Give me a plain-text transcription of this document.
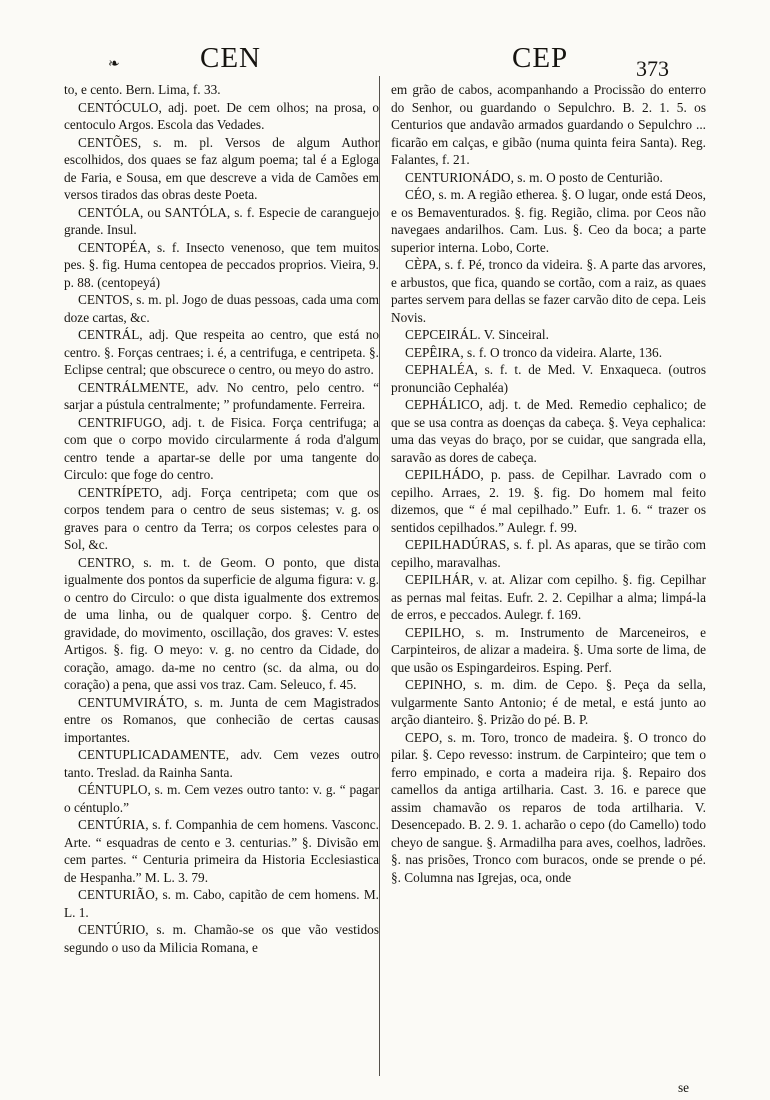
❧	CEN	CEP	373

to, e cento. Bern. Lima, f. 33.

CENTÓCULO, adj. poet. De cem olhos; na prosa, o centoculo Argos. Escola das Vedades.

CENTÕES, s. m. pl. Versos de algum Author escolhidos, dos quaes se faz algum poema; tal é a Egloga de Faria, e Sousa, em que descreve a vida de Camões em versos tirados das obras deste Poeta.

CENTÓLA, ou SANTÓLA, s. f. Especie de caranguejo grande. Insul.

CENTOPÉA, s. f. Insecto venenoso, que tem muitos pes. §. fig. Huma centopea de peccados proprios. Vieira, 9. p. 88. (centopeyá)

CENTOS, s. m. pl. Jogo de duas pessoas, cada uma com doze cartas, &c.

CENTRÁL, adj. Que respeita ao centro, que está no centro. §. Forças centraes; i. é, a centrifuga, e centripeta. §. Eclipse central; que obscurece o centro, ou meyo do astro.

CENTRÁLMENTE, adv. No centro, pelo centro. “ sarjar a pústula centralmente; ” profundamente. Ferreira.

CENTRIFUGO, adj. t. de Fisica. Força centrifuga; a com que o corpo movido circularmente á roda d'algum centro tende a apartar-se delle por uma tangente do Circulo: que foge do centro.

CENTRÍPETO, adj. Força centripeta; com que os corpos tendem para o centro de seus sistemas; v. g. os graves para o centro da Terra; os corpos celestes para o Sol, &c.

CENTRO, s. m. t. de Geom. O ponto, que dista igualmente dos pontos da superficie de alguma figura: v. g. o centro do Circulo: o que dista igualmente dos extremos de uma linha, ou de qualquer corpo. §. Centro de gravidade, do movimento, oscillação, dos graves: V. estes Artigos. §. fig. O meyo: v. g. no centro da Cidade, do coração, amago. da-me no centro (sc. da alma, ou do coração) a pena, que assi vos traz. Cam. Seleuco, f. 45.

CENTUMVIRÁTO, s. m. Junta de cem Magistrados entre os Romanos, que conhecião de certas causas importantes.

CENTUPLICADAMENTE, adv. Cem vezes outro tanto. Treslad. da Rainha Santa.

CÉNTUPLO, s. m. Cem vezes outro tanto: v. g. “ pagar o céntuplo.”

CENTÚRIA, s. f. Companhia de cem homens. Vasconc. Arte. “ esquadras de cento e 3. centurias.” §. Divisão em cem partes. “ Centuria primeira da Historia Ecclesiastica de Hespanha.” M. L. 3. 79.

CENTURIÃO, s. m. Cabo, capitão de cem homens. M. L. 1.

CENTÚRIO, s. m. Chamão-se os que vão vestidos segundo o uso da Milicia Romana, e

em grão de cabos, acompanhando a Procissão do enterro do Senhor, ou guardando o Sepulchro. B. 2. 1. 5. os Centurios que andavão armados guardando o Sepulchro ... ficarão em calças, e gibão (numa quinta feira Santa). Reg. Falantes, f. 21.

CENTURIONÁDO, s. m. O posto de Centurião.

CÉO, s. m. A região etherea. §. O lugar, onde está Deos, e os Bemaventurados. §. fig. Região, clima. por Ceos não navegaes andarilhos. Cam. Lus. §. Ceo da boca; a parte superior interna. Lobo, Corte.

CÈPA, s. f. Pé, tronco da videira. §. A parte das arvores, e arbustos, que fica, quando se cortão, com a raiz, as quaes partes servem para dellas se fazer carvão dito de cepa. Leis Novis.

CEPCEIRÁL. V. Sinceiral.

CEPÊIRA, s. f. O tronco da videira. Alarte, 136.

CEPHALÉA, s. f. t. de Med. V. Enxaqueca. (outros pronuncião Cephaléa)

CEPHÁLICO, adj. t. de Med. Remedio cephalico; de que se usa contra as doenças da cabeça. §. Veya cephalica: uma das veyas do braço, por se cuidar, que sangrada ella, saravão as dores de cabeça.

CEPILHÁDO, p. pass. de Cepilhar. Lavrado com o cepilho. Arraes, 2. 19. §. fig. Do homem mal feito dizemos, que “ é mal cepilhado.” Eufr. 1. 6. “ trazer os sentidos cepilhados.” Aulegr. f. 99.

CEPILHADÚRAS, s. f. pl. As aparas, que se tirão com cepilho, maravalhas.

CEPILHÁR, v. at. Alizar com cepilho. §. fig. Cepilhar as pernas mal feitas. Eufr. 2. 2. Cepilhar a alma; limpá-la de erros, e peccados. Aulegr. f. 169.

CEPILHO, s. m. Instrumento de Marceneiros, e Carpinteiros, de alizar a madeira. §. Uma sorte de lima, de que usão os Espingardeiros. Esping. Perf.

CEPINHO, s. m. dim. de Cepo. §. Peça da sella, vulgarmente Santo Antonio; é de metal, e está junto ao arção dianteiro. §. Prizão do pé. B. P.

CEPO, s. m. Toro, tronco de madeira. §. O tronco do pilar. §. Cepo revesso: instrum. de Carpinteiro; que tem o ferro empinado, e corta a madeira rija. §. Repairo dos camellos da antiga artilharia. Cast. 3. 16. e parece que assim chamavão os reparos de toda artilharia. V. Desencepado. B. 2. 9. 1. acharão o cepo (do Camello) todo cheyo de sangue. §. Armadilha para aves, coelhos, ladrões. §. nas prisões, Tronco com buracos, onde se prende o pé. §. Columna nas Igrejas, oca, onde

se
